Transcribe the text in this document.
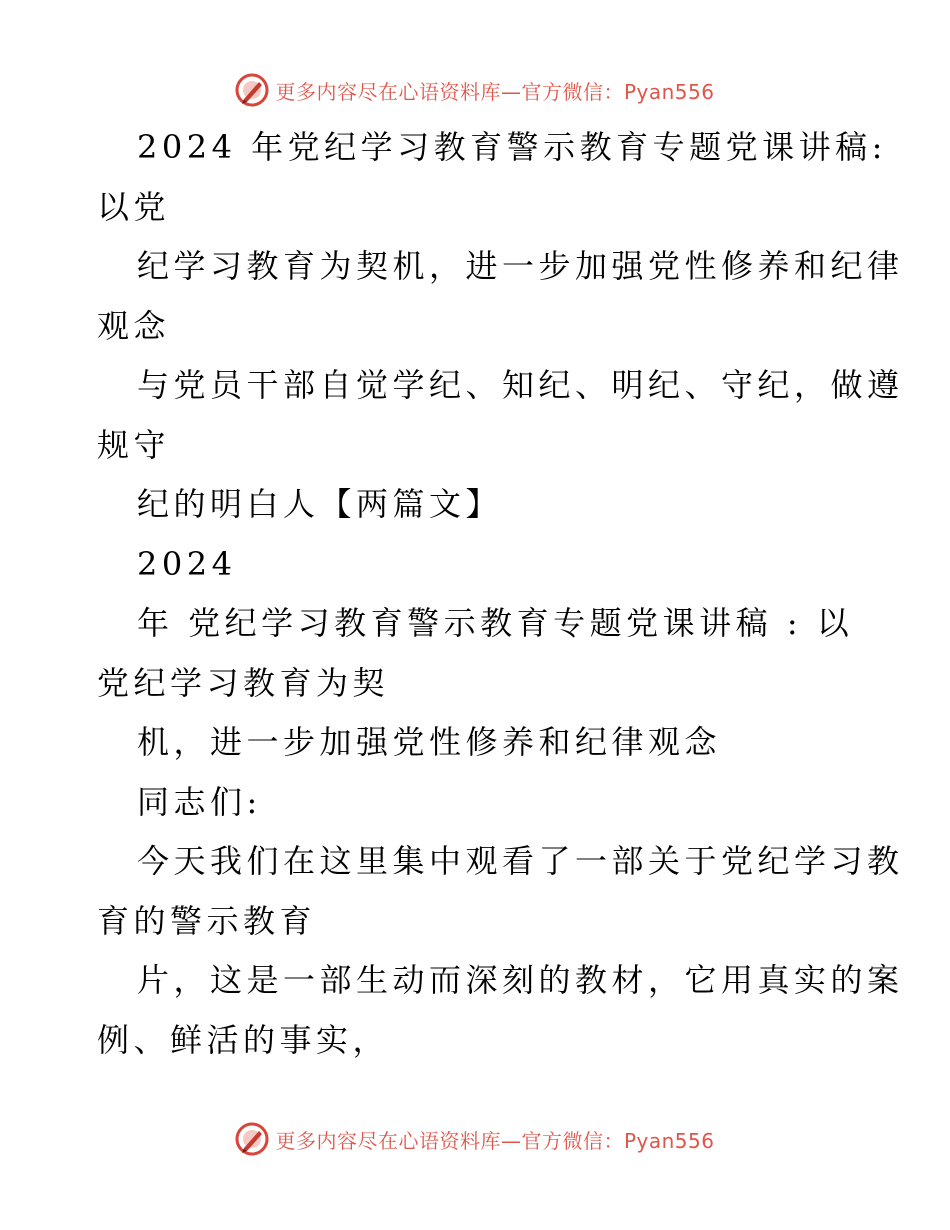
更多内容尽在心语资料库—官方微信：Pyan556
2024 年党纪学习教育警示教育专题党课讲稿:
以党
纪学习教育为契机，进一步加强党性修养和纪律
观念
与党员干部自觉学纪、知纪、明纪、守纪，做遵
规守
纪的明白人【两篇文】
2024
年 党纪学习教育警示教育专题党课讲稿 : 以
党纪学习教育为契
机，进一步加强党性修养和纪律观念
同志们:
今天我们在这里集中观看了一部关于党纪学习教
育的警示教育
片，这是一部生动而深刻的教材，它用真实的案
例、鲜活的事实，
更多内容尽在心语资料库—官方微信：Pyan556
